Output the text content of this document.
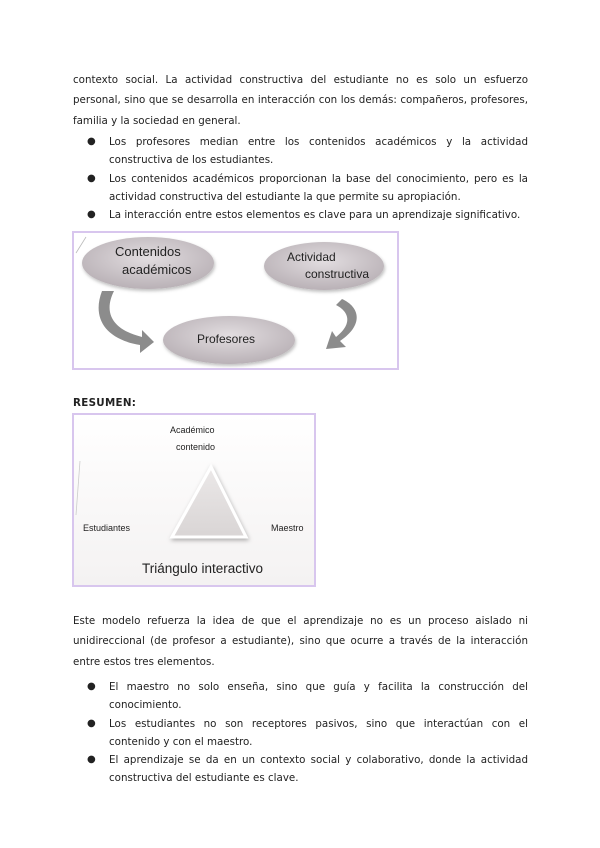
contexto social. La actividad constructiva del estudiante no es solo un esfuerzo personal, sino que se desarrolla en interacción con los demás: compañeros, profesores, familia y la sociedad en general.

● Los profesores median entre los contenidos académicos y la actividad constructiva de los estudiantes.
● Los contenidos académicos proporcionan la base del conocimiento, pero es la actividad constructiva del estudiante la que permite su apropiación.
● La interacción entre estos elementos es clave para un aprendizaje significativo.

Contenidos

académicos

Actividad

constructiva

Profesores

RESUMEN:

Académico

contenido

Estudiantes	Maestro

Triángulo interactivo

Este modelo refuerza la idea de que el aprendizaje no es un proceso aislado ni unidireccional (de profesor a estudiante), sino que ocurre a través de la interacción entre estos tres elementos.

● El maestro no solo enseña, sino que guía y facilita la construcción del conocimiento.
● Los estudiantes no son receptores pasivos, sino que interactúan con el contenido y con el maestro.
● El aprendizaje se da en un contexto social y colaborativo, donde la actividad constructiva del estudiante es clave.
